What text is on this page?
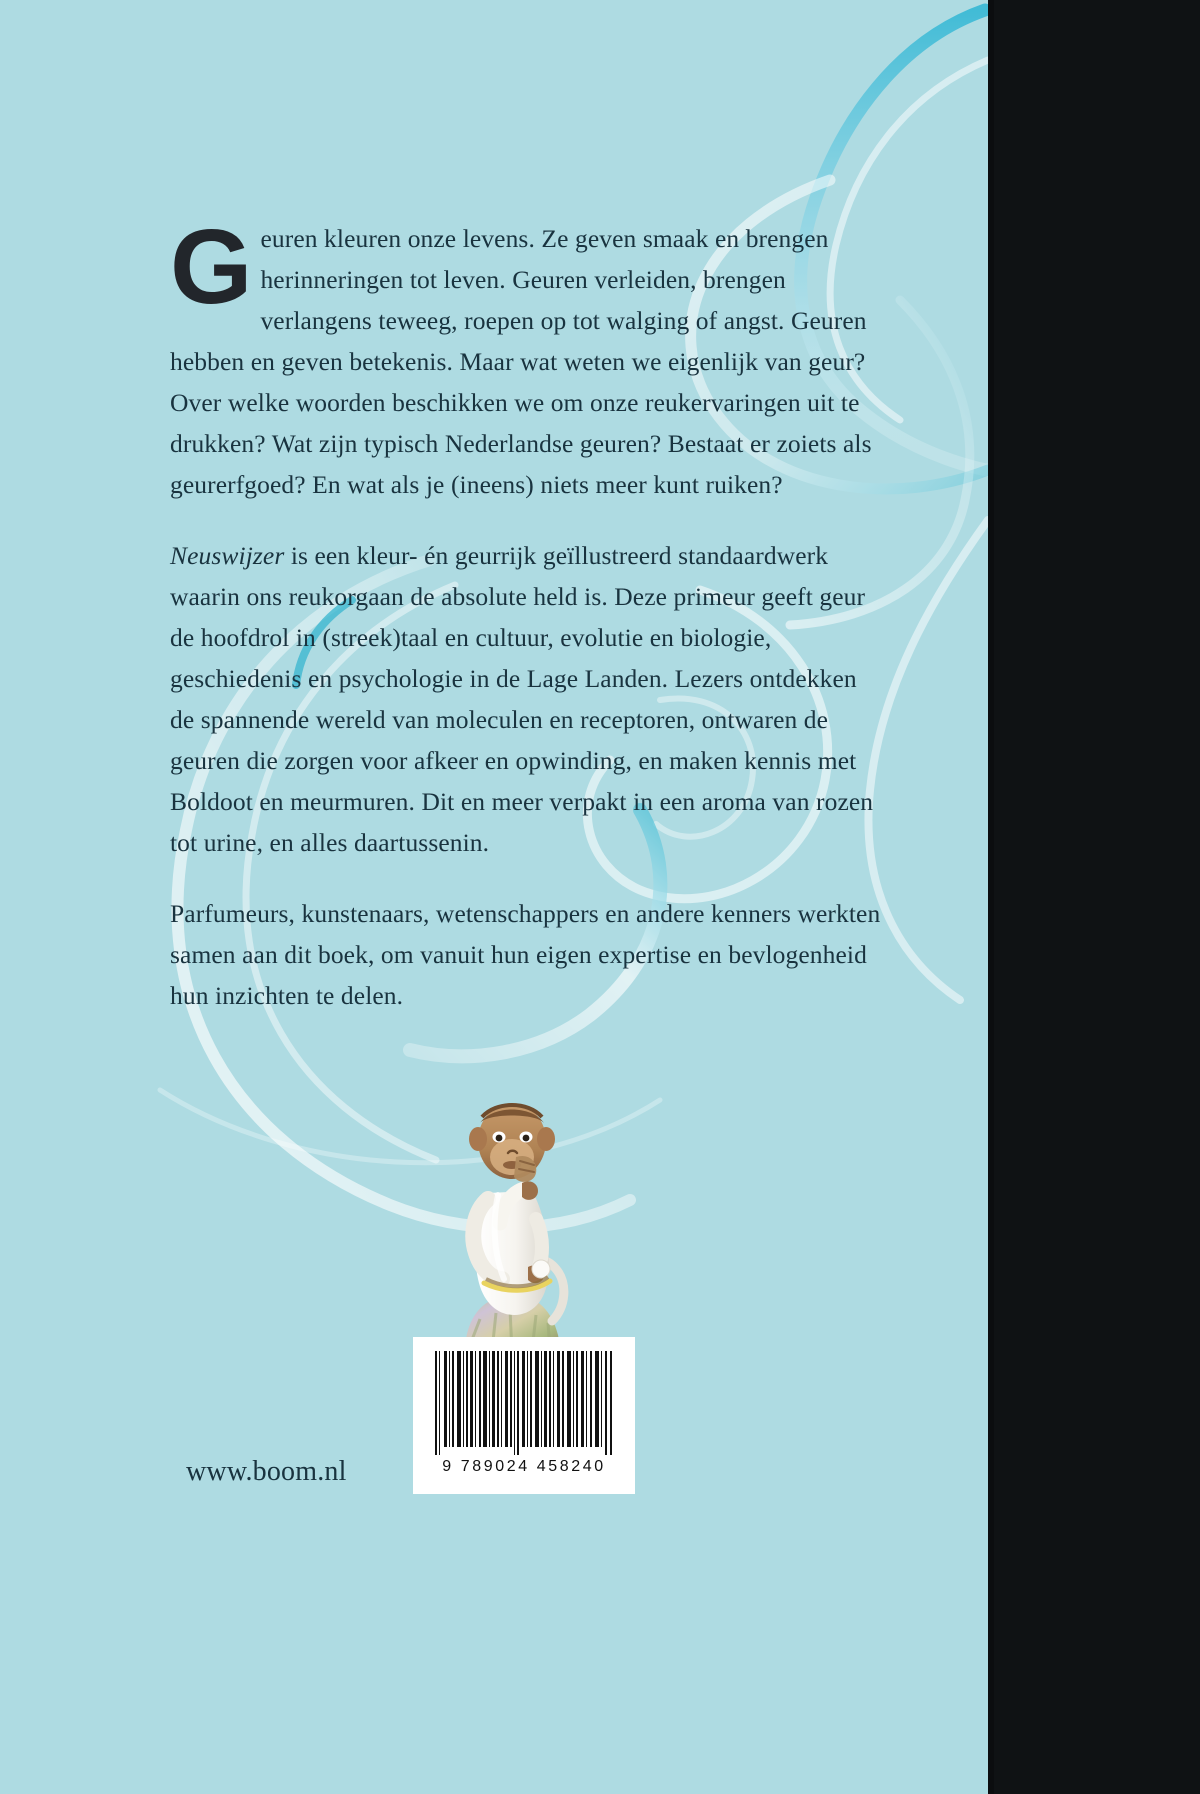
Geuren kleuren onze levens. Ze geven smaak en brengen herinneringen tot leven. Geuren verleiden, brengen verlangens teweeg, roepen op tot walging of angst. Geuren hebben en geven betekenis. Maar wat weten we eigenlijk van geur? Over welke woorden beschikken we om onze reukervaringen uit te drukken? Wat zijn typisch Nederlandse geuren? Bestaat er zoiets als geurerfgoed? En wat als je (ineens) niets meer kunt ruiken?

Neuswijzer is een kleur- én geurrijk geïllustreerd standaardwerk waarin ons reukorgaan de absolute held is. Deze primeur geeft geur de hoofdrol in (streek)taal en cultuur, evolutie en biologie, geschiedenis en psychologie in de Lage Landen. Lezers ontdekken de spannende wereld van moleculen en receptoren, ontwaren de geuren die zorgen voor afkeer en opwinding, en maken kennis met Boldoot en meurmuren. Dit en meer verpakt in een aroma van rozen tot urine, en alles daartussenin.

Parfumeurs, kunstenaars, wetenschappers en andere kenners werkten samen aan dit boek, om vanuit hun eigen expertise en bevlogenheid hun inzichten te delen.

9 789024 458240
www.boom.nl
